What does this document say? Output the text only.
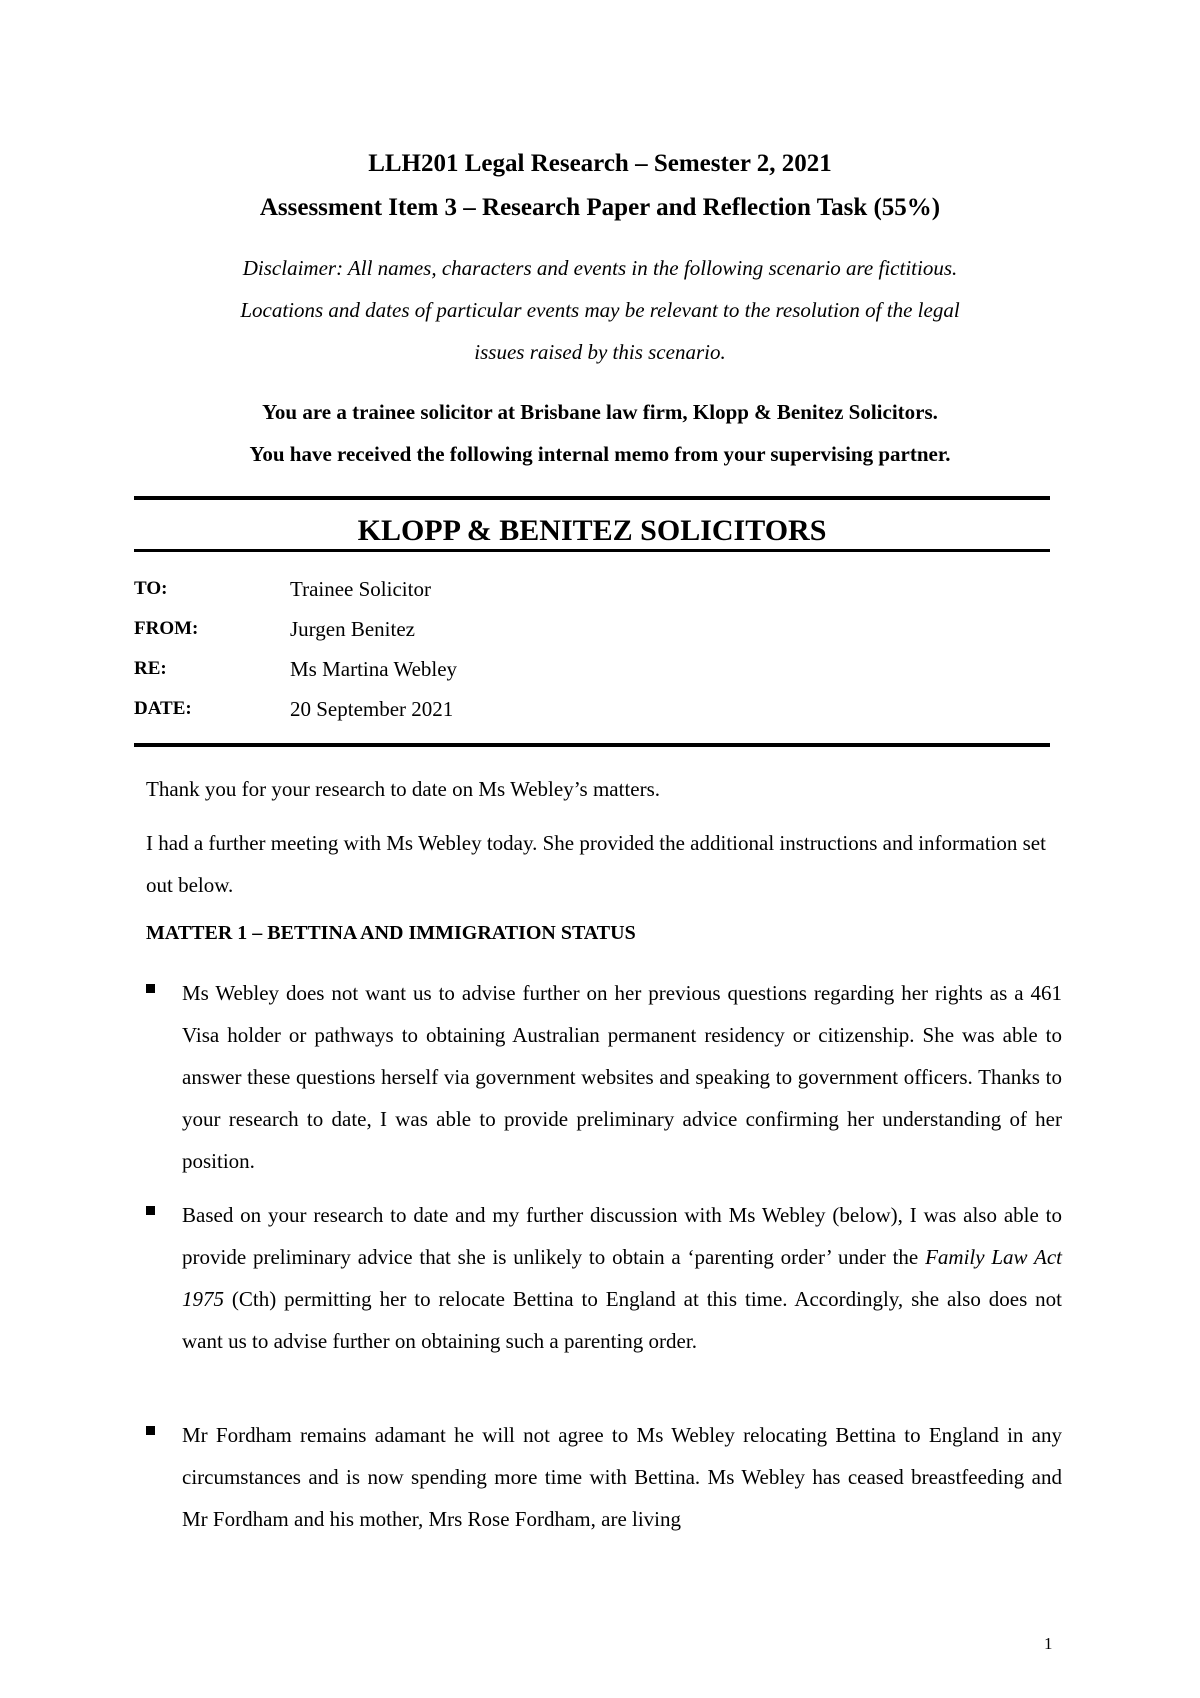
LLH201 Legal Research – Semester 2, 2021
Assessment Item 3 – Research Paper and Reflection Task (55%)
Disclaimer: All names, characters and events in the following scenario are fictitious.
Locations and dates of particular events may be relevant to the resolution of the legal
issues raised by this scenario.
You are a trainee solicitor at Brisbane law firm, Klopp & Benitez Solicitors.
You have received the following internal memo from your supervising partner.
KLOPP & BENITEZ SOLICITORS
TO:	Trainee Solicitor
FROM:	Jurgen Benitez
RE:	Ms Martina Webley
DATE:	20 September 2021
Thank you for your research to date on Ms Webley’s matters.
I had a further meeting with Ms Webley today. She provided the additional instructions and information set out below.
MATTER 1 – BETTINA AND IMMIGRATION STATUS
Ms Webley does not want us to advise further on her previous questions regarding her rights as a 461 Visa holder or pathways to obtaining Australian permanent residency or citizenship. She was able to answer these questions herself via government websites and speaking to government officers. Thanks to your research to date, I was able to provide preliminary advice confirming her understanding of her position.
Based on your research to date and my further discussion with Ms Webley (below), I was also able to provide preliminary advice that she is unlikely to obtain a ‘parenting order’ under the Family Law Act 1975 (Cth) permitting her to relocate Bettina to England at this time. Accordingly, she also does not want us to advise further on obtaining such a parenting order.
Mr Fordham remains adamant he will not agree to Ms Webley relocating Bettina to England in any circumstances and is now spending more time with Bettina. Ms Webley has ceased breastfeeding and Mr Fordham and his mother, Mrs Rose Fordham, are living
1
